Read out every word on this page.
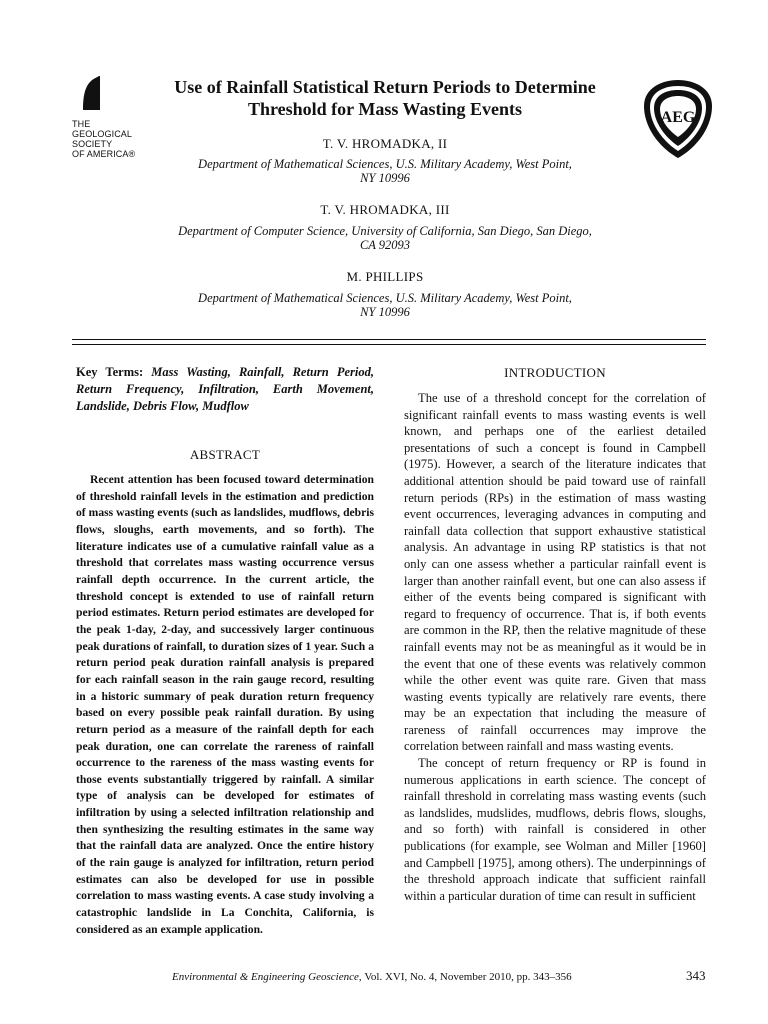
THE
GEOLOGICAL
SOCIETY
OF AMERICA®
AEG
Use of Rainfall Statistical Return Periods to Determine
Threshold for Mass Wasting Events
T. V. HROMADKA, II
Department of Mathematical Sciences, U.S. Military Academy, West Point,
NY 10996
T. V. HROMADKA, III
Department of Computer Science, University of California, San Diego, San Diego,
CA 92093
M. PHILLIPS
Department of Mathematical Sciences, U.S. Military Academy, West Point,
NY 10996
Key Terms: Mass Wasting, Rainfall, Return Period, Return Frequency, Infiltration, Earth Movement, Landslide, Debris Flow, Mudflow
ABSTRACT
Recent attention has been focused toward determination of threshold rainfall levels in the estimation and prediction of mass wasting events (such as landslides, mudflows, debris flows, sloughs, earth movements, and so forth). The literature indicates use of a cumulative rainfall value as a threshold that correlates mass wasting occurrence versus rainfall depth occurrence. In the current article, the threshold concept is extended to use of rainfall return period estimates. Return period estimates are developed for the peak 1-day, 2-day, and successively larger continuous peak durations of rainfall, to duration sizes of 1 year. Such a return period peak duration rainfall analysis is prepared for each rainfall season in the rain gauge record, resulting in a historic summary of peak duration return frequency based on every possible peak rainfall duration. By using return period as a measure of the rainfall depth for each peak duration, one can correlate the rareness of rainfall occurrence to the rareness of the mass wasting events for those events substantially triggered by rainfall. A similar type of analysis can be developed for estimates of infiltration by using a selected infiltration relationship and then synthesizing the resulting estimates in the same way that the rainfall data are analyzed. Once the entire history of the rain gauge is analyzed for infiltration, return period estimates can also be developed for use in possible correlation to mass wasting events. A case study involving a catastrophic landslide in La Conchita, California, is considered as an example application.
INTRODUCTION

The use of a threshold concept for the correlation of significant rainfall events to mass wasting events is well known, and perhaps one of the earliest detailed presentations of such a concept is found in Campbell (1975). However, a search of the literature indicates that additional attention should be paid toward use of rainfall return periods (RPs) in the estimation of mass wasting event occurrences, leveraging advances in computing and rainfall data collection that support exhaustive statistical analysis. An advantage in using RP statistics is that not only can one assess whether a particular rainfall event is larger than another rainfall event, but one can also assess if either of the events being compared is significant with regard to frequency of occurrence. That is, if both events are common in the RP, then the relative magnitude of these rainfall events may not be as meaningful as it would be in the event that one of these events was relatively common while the other event was quite rare. Given that mass wasting events typically are relatively rare events, there may be an expectation that including the measure of rareness of rainfall occurrences may improve the correlation between rainfall and mass wasting events.

The concept of return frequency or RP is found in numerous applications in earth science. The concept of rainfall threshold in correlating mass wasting events (such as landslides, mudslides, mudflows, debris flows, sloughs, and so forth) with rainfall is considered in other publications (for example, see Wolman and Miller [1960] and Campbell [1975], among others). The underpinnings of the threshold approach indicate that sufficient rainfall within a particular duration of time can result in sufficient

Environmental & Engineering Geoscience, Vol. XVI, No. 4, November 2010, pp. 343–356	343
